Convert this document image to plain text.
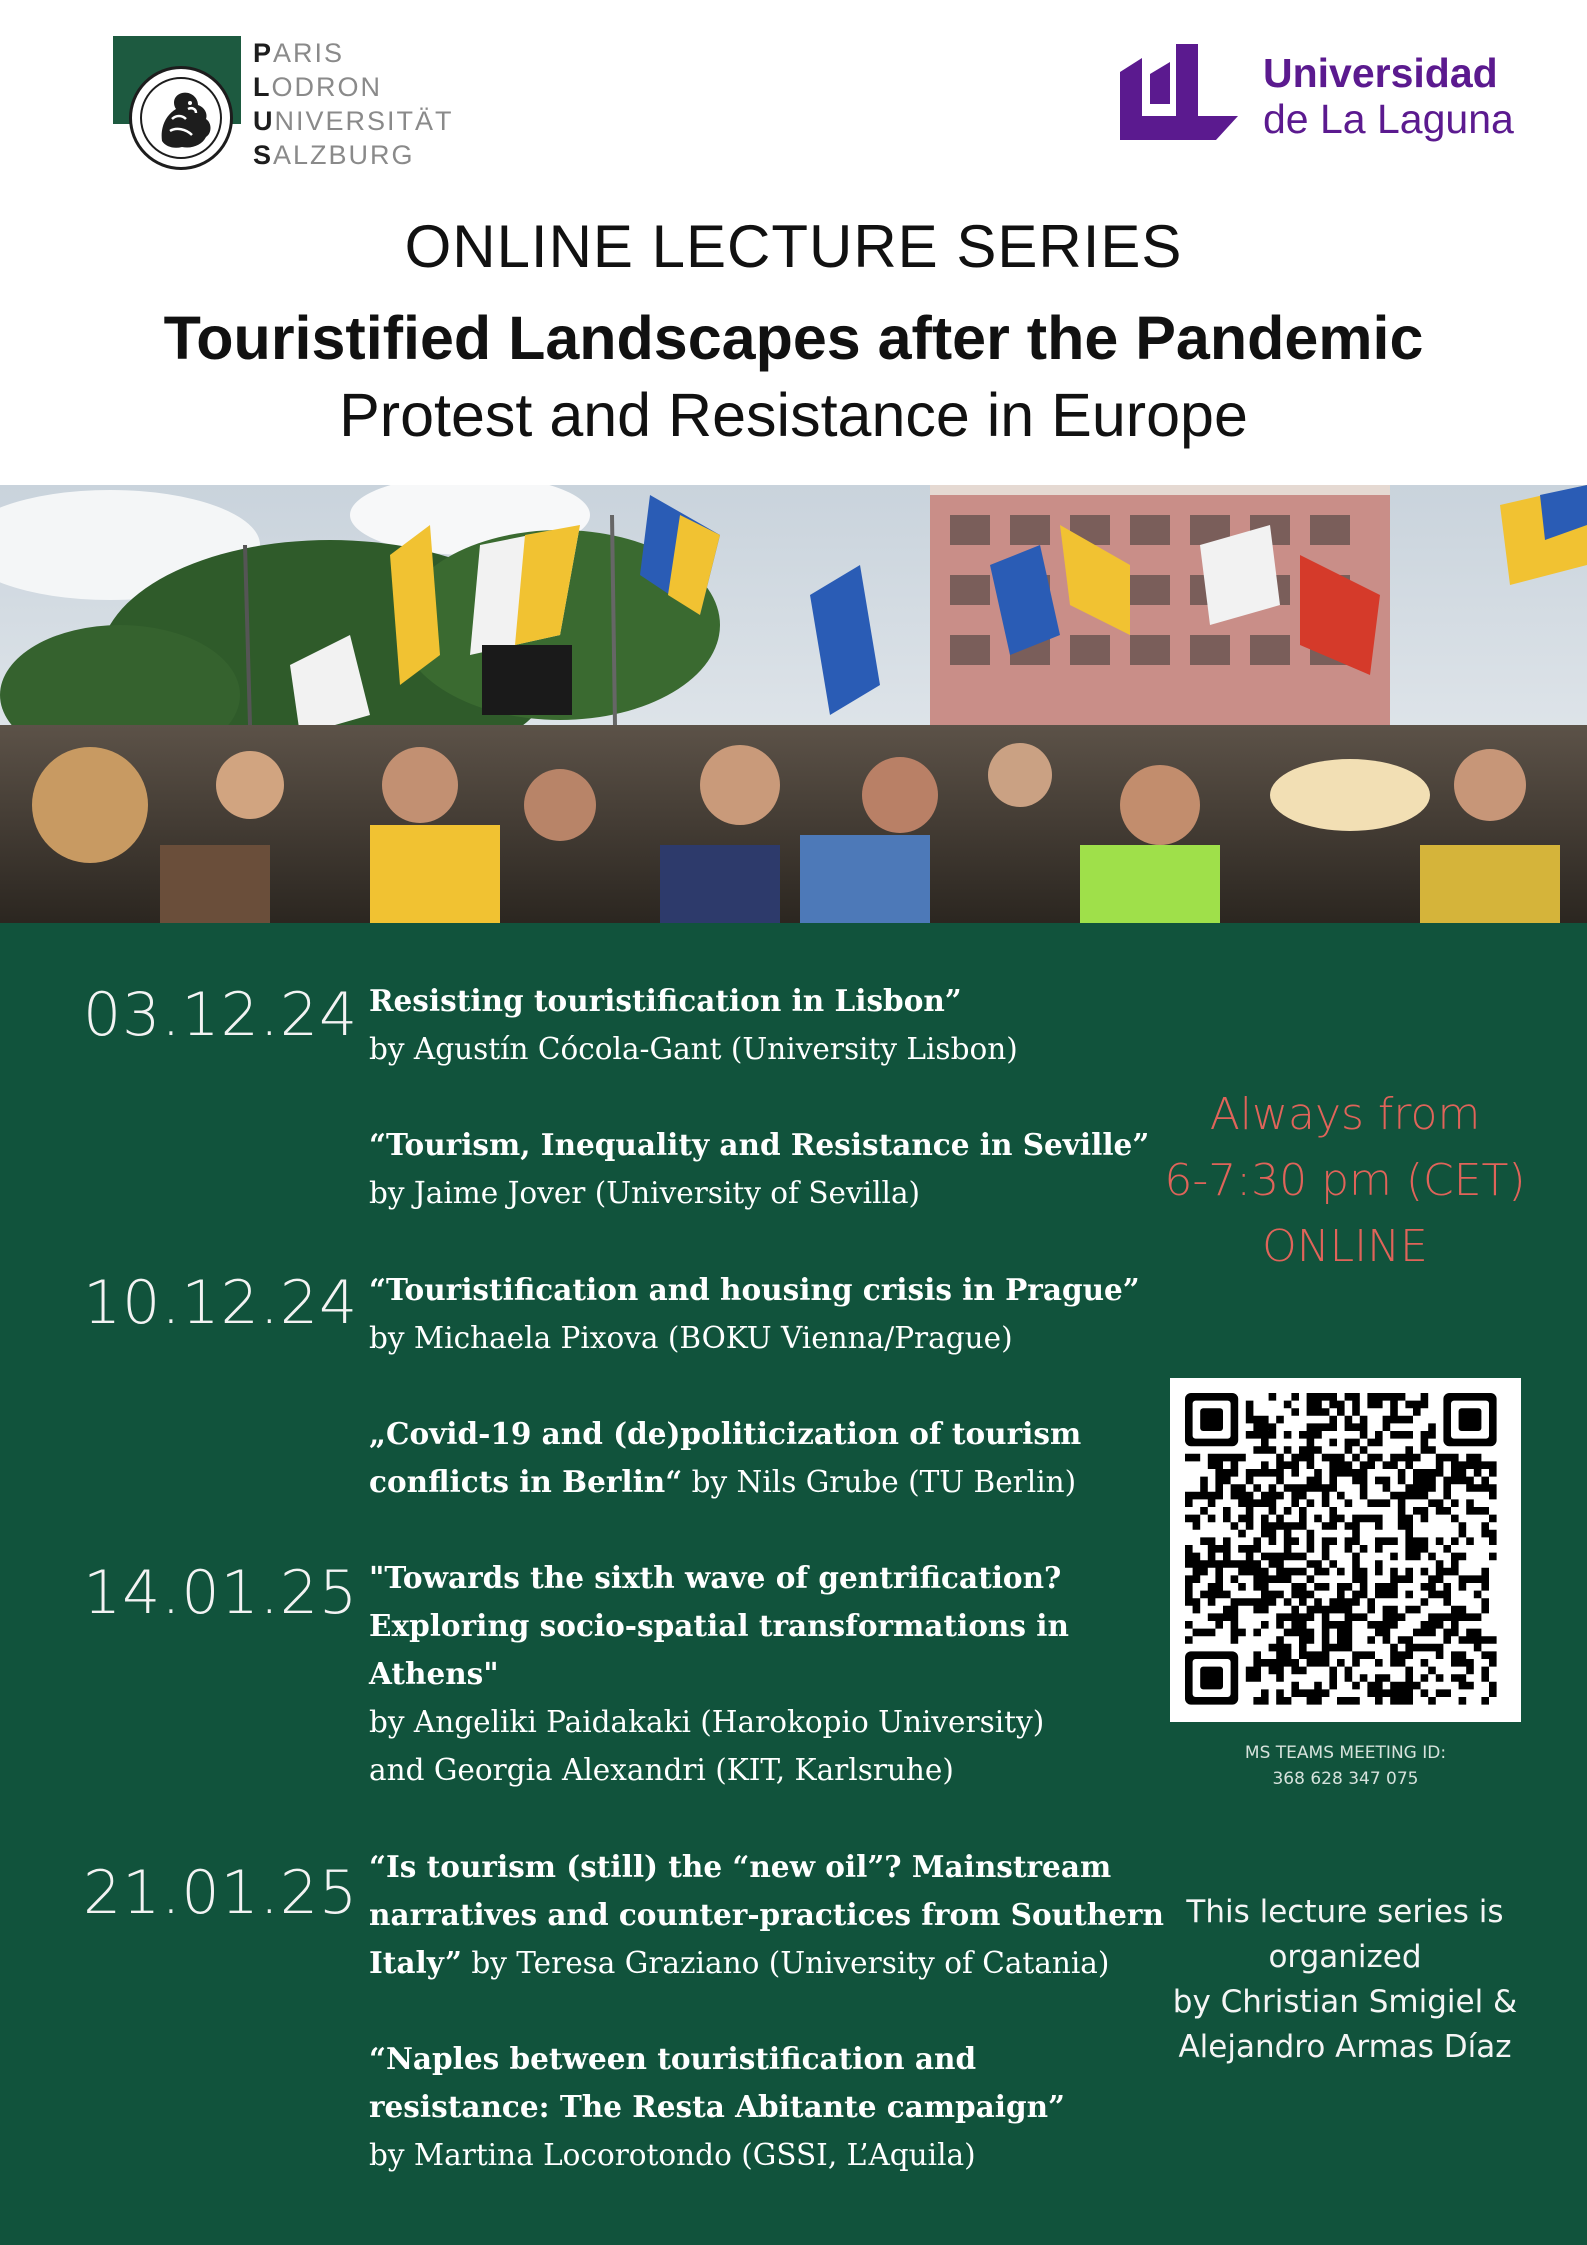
PARIS
LODRON
UNIVERSITÄT
SALZBURG
Universidad
de La Laguna
ONLINE LECTURE SERIES
Touristified Landscapes after the Pandemic
Protest and Resistance in Europe
03.12.24
10.12.24
14.01.25
21.01.25
Resisting touristification in Lisbon”
by Agustín Cócola-Gant (University Lisbon)
“Tourism, Inequality and Resistance in Seville”
by Jaime Jover (University of Sevilla)
“Touristification and housing crisis in Prague”
by Michaela Pixova (BOKU Vienna/Prague)
„Covid-19 and (de)politicization of tourism conflicts in Berlin“ by Nils Grube (TU Berlin)
"Towards the sixth wave of gentrification? Exploring socio-spatial transformations in Athens"
by Angeliki Paidakaki (Harokopio University) and Georgia Alexandri (KIT, Karlsruhe)
“Is tourism (still) the “new oil”? Mainstream narratives and counter-practices from Southern Italy” by Teresa Graziano (University of Catania)
“Naples between touristification and resistance: The Resta Abitante campaign”
by Martina Locorotondo (GSSI, L’Aquila)
Always from
6-7:30 pm (CET)
ONLINE
MS TEAMS MEETING ID:
368 628 347 075
This lecture series is
organized
by Christian Smigiel &
Alejandro Armas Díaz
